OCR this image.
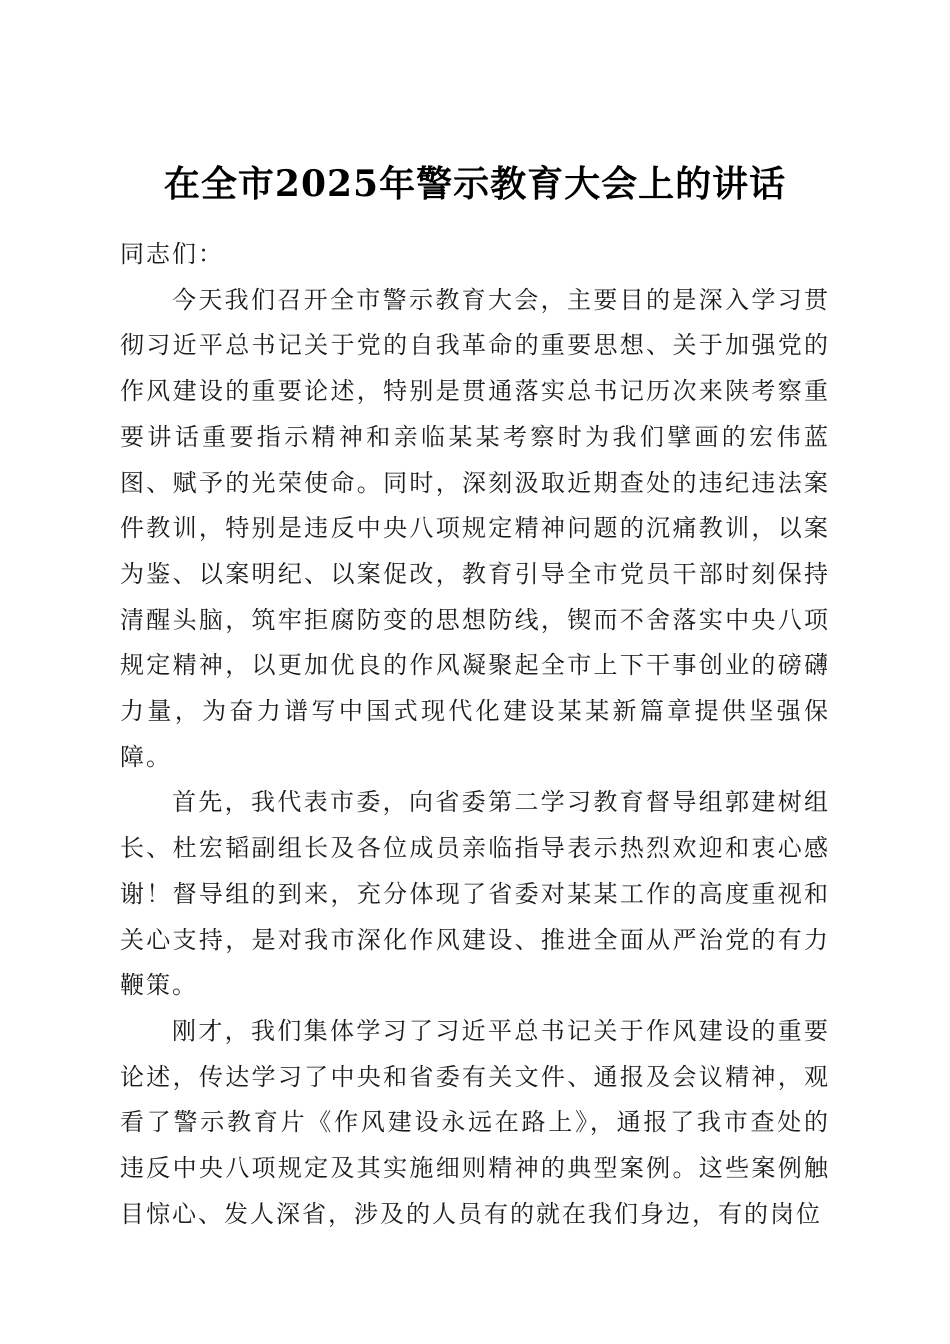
在全市2025年警示教育大会上的讲话

同志们：

今天我们召开全市警示教育大会，主要目的是深入学习贯彻习近平总书记关于党的自我革命的重要思想、关于加强党的作风建设的重要论述，特别是贯通落实总书记历次来陕考察重要讲话重要指示精神和亲临某某考察时为我们擘画的宏伟蓝图、赋予的光荣使命。同时，深刻汲取近期查处的违纪违法案件教训，特别是违反中央八项规定精神问题的沉痛教训，以案为鉴、以案明纪、以案促改，教育引导全市党员干部时刻保持清醒头脑，筑牢拒腐防变的思想防线，锲而不舍落实中央八项规定精神，以更加优良的作风凝聚起全市上下干事创业的磅礴力量，为奋力谱写中国式现代化建设某某新篇章提供坚强保障。

首先，我代表市委，向省委第二学习教育督导组郭建树组长、杜宏韬副组长及各位成员亲临指导表示热烈欢迎和衷心感谢！督导组的到来，充分体现了省委对某某工作的高度重视和关心支持，是对我市深化作风建设、推进全面从严治党的有力鞭策。

刚才，我们集体学习了习近平总书记关于作风建设的重要论述，传达学习了中央和省委有关文件、通报及会议精神，观看了警示教育片《作风建设永远在路上》，通报了我市查处的违反中央八项规定及其实施细则精神的典型案例。这些案例触目惊心、发人深省，涉及的人员有的就在我们身边，有的岗位
